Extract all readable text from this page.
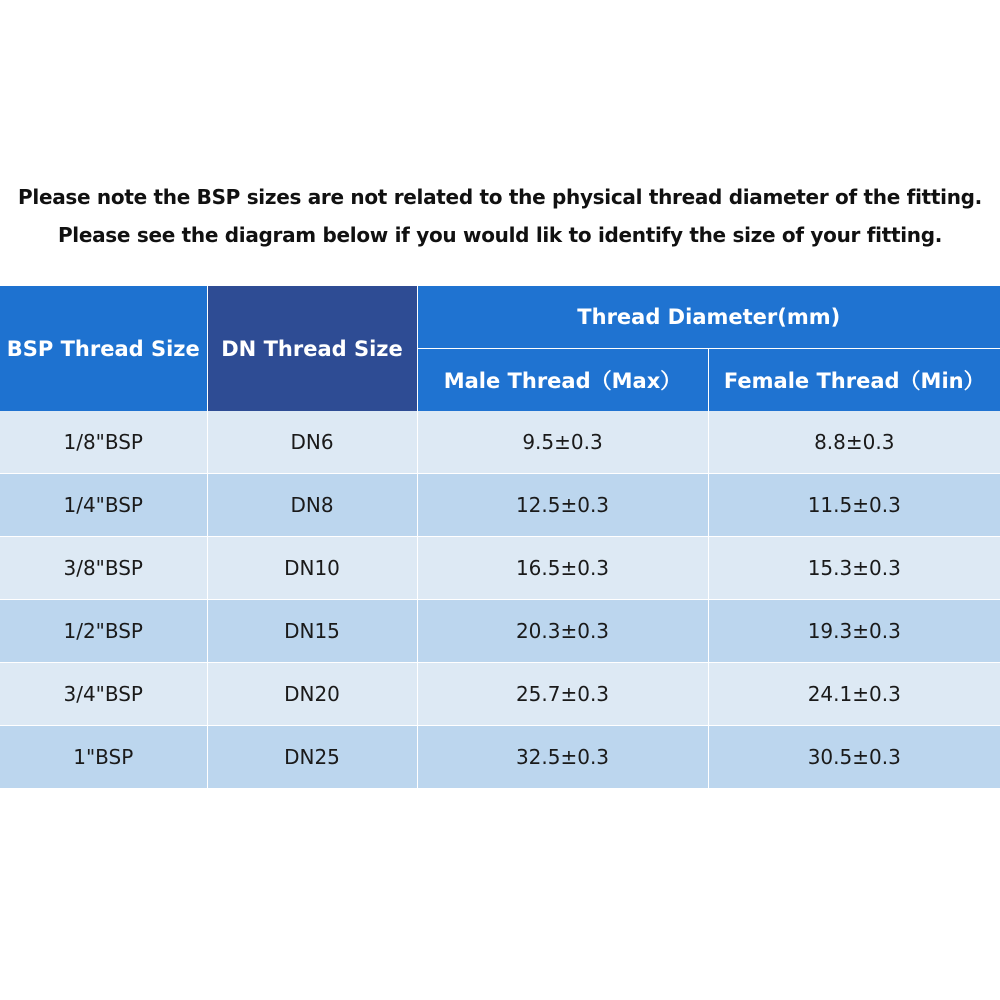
Please note the BSP sizes are not related to the physical thread diameter of the fitting.
Please see the diagram below if you would lik to identify the size of your fitting.
BSP Thread Size	DN Thread Size	Thread Diameter(mm)	
		Male Thread（Max）	Female Thread（Min）
1/8"BSP	DN6	9.5±0.3	8.8±0.3
1/4"BSP	DN8	12.5±0.3	11.5±0.3
3/8"BSP	DN10	16.5±0.3	15.3±0.3
1/2"BSP	DN15	20.3±0.3	19.3±0.3
3/4"BSP	DN20	25.7±0.3	24.1±0.3
1"BSP	DN25	32.5±0.3	30.5±0.3
